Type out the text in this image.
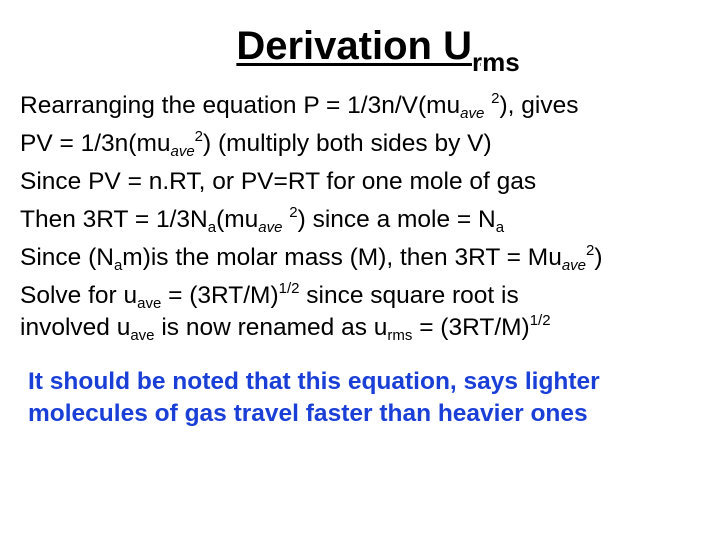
Derivation $U_{rms}$
Rearranging the equation $P = 1/3n/V(mu_{ave}$ $^2$), gives
PV = $1/3n(mu_{ave}^2)$ (multiply both sides by V)
Since PV = n.RT, or PV=RT for one mole of gas
Then $3RT = 1/3N_a(mu_{ave}$ $^2$) since a mole = $N_a$
Since $(N_am)is$ the molar mass (M), then $3RT = Mu_{ave}^2$)
Solve for $u_{ave} = (3RT/M)^{1/2}$ since square root is
involved $u_{ave}$ is now renamed as $u_{rms} = (3RT/M)^{1/2}$
It should be noted that this equation, says lighter
molecules of gas travel faster than heavier ones
